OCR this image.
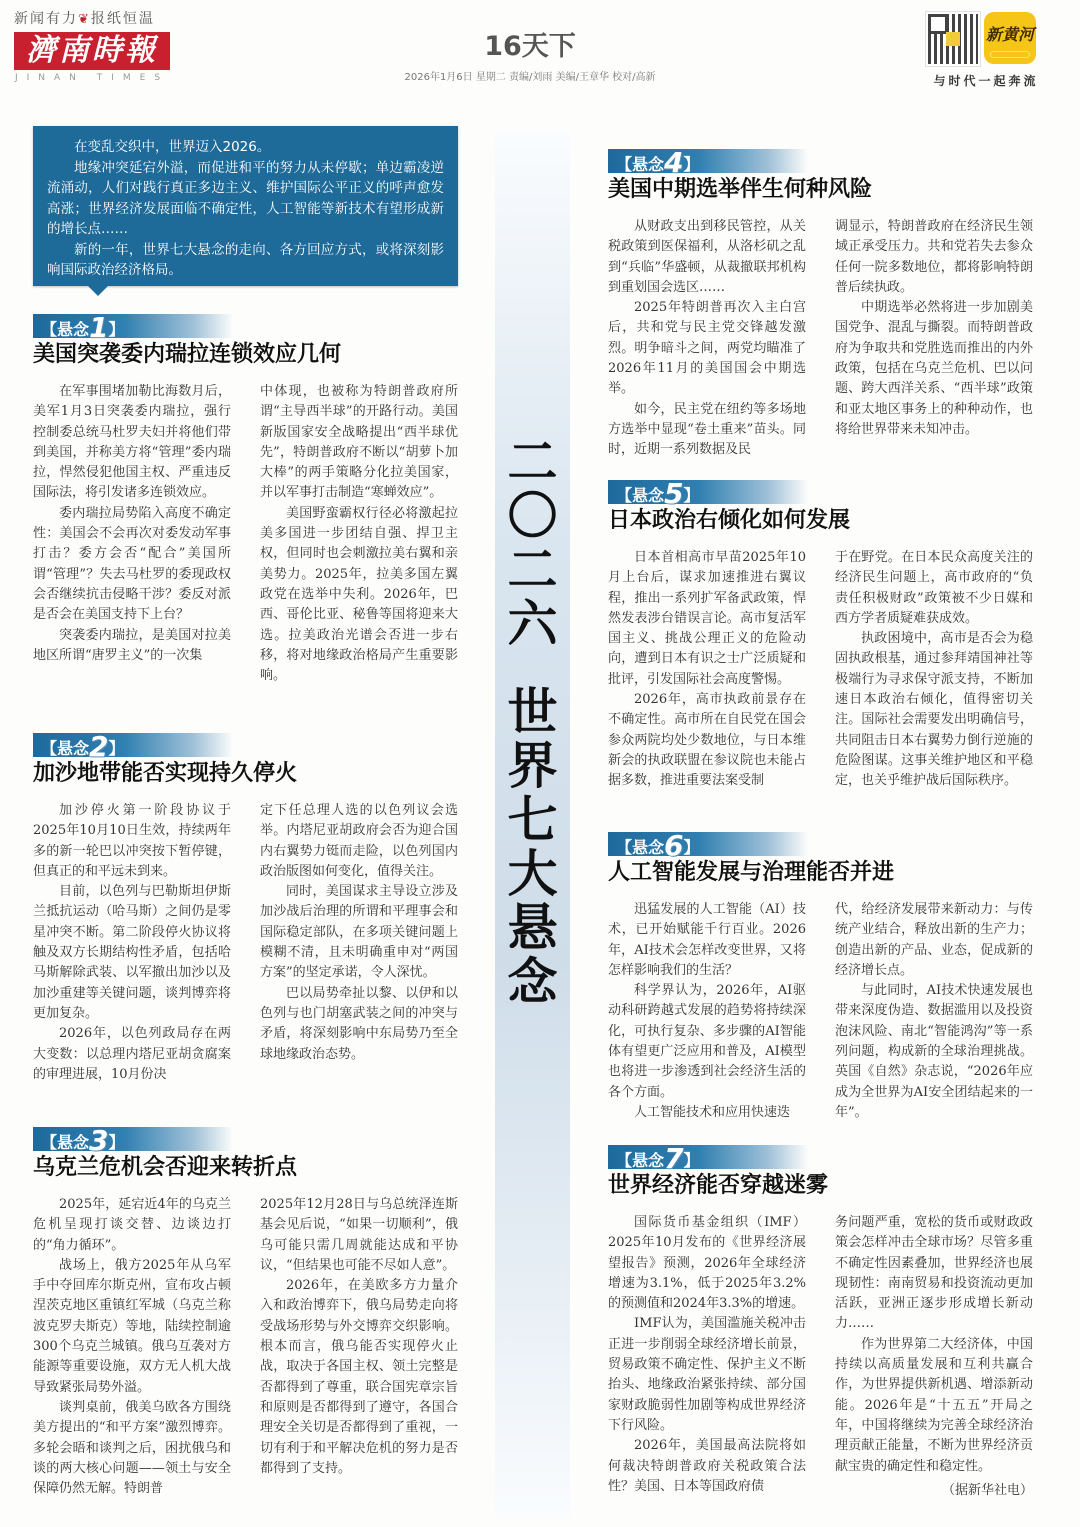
新闻有力❦报纸恒温
濟南時報
JINAN TIMES
16天下
2026年1月6日 星期二 责编/刘雨 美编/王章华 校对/高新
新黄河
与时代一起奔流

在变乱交织中，世界迈入2026。

地缘冲突延宕外溢，而促进和平的努力从未停歇；单边霸凌逆流涌动，人们对践行真正多边主义、维护国际公平正义的呼声愈发高涨；世界经济发展面临不确定性，人工智能等新技术有望形成新的增长点……

新的一年，世界七大悬念的走向、各方回应方式，或将深刻影响国际政治经济格局。

二
〇
二
六
世
界
七
大
悬
念
【悬念1】
美国突袭委内瑞拉连锁效应几何

在军事围堵加勒比海数月后，美军1月3日突袭委内瑞拉，强行控制委总统马杜罗夫妇并将他们带到美国，并称美方将“管理”委内瑞拉，悍然侵犯他国主权、严重违反国际法，将引发诸多连锁效应。

委内瑞拉局势陷入高度不确定性：美国会不会再次对委发动军事打击？委方会否“配合”美国所谓“管理”？失去马杜罗的委现政权会否继续抗击侵略干涉？委反对派是否会在美国支持下上台？

突袭委内瑞拉，是美国对拉美地区所谓“唐罗主义”的一次集

中体现，也被称为特朗普政府所谓“主导西半球”的开路行动。美国新版国家安全战略提出“西半球优先”，特朗普政府不断以“胡萝卜加大棒”的两手策略分化拉美国家，并以军事打击制造“寒蝉效应”。

美国野蛮霸权行径必将激起拉美多国进一步团结自强、捍卫主权，但同时也会刺激拉美右翼和亲美势力。2025年，拉美多国左翼政党在选举中失利。2026年，巴西、哥伦比亚、秘鲁等国将迎来大选。拉美政治光谱会否进一步右移，将对地缘政治格局产生重要影响。

【悬念2】
加沙地带能否实现持久停火

加沙停火第一阶段协议于2025年10月10日生效，持续两年多的新一轮巴以冲突按下暂停键，但真正的和平远未到来。

目前，以色列与巴勒斯坦伊斯兰抵抗运动（哈马斯）之间仍是零星冲突不断。第二阶段停火协议将触及双方长期结构性矛盾，包括哈马斯解除武装、以军撤出加沙以及加沙重建等关键问题，谈判博弈将更加复杂。

2026年，以色列政局存在两大变数：以总理内塔尼亚胡贪腐案的审理进展，10月份决

定下任总理人选的以色列议会选举。内塔尼亚胡政府会否为迎合国内右翼势力铤而走险，以色列国内政治版图如何变化，值得关注。

同时，美国谋求主导设立涉及加沙战后治理的所谓和平理事会和国际稳定部队，在多项关键问题上模糊不清，且未明确重申对“两国方案”的坚定承诺，令人深忧。

巴以局势牵扯以黎、以伊和以色列与也门胡塞武装之间的冲突与矛盾，将深刻影响中东局势乃至全球地缘政治态势。

【悬念3】
乌克兰危机会否迎来转折点

2025年，延宕近4年的乌克兰危机呈现打谈交替、边谈边打的“角力循环”。

战场上，俄方2025年从乌军手中夺回库尔斯克州，宣布攻占顿涅茨克地区重镇红军城（乌克兰称波克罗夫斯克）等地，陆续控制逾300个乌克兰城镇。俄乌互袭对方能源等重要设施，双方无人机大战导致紧张局势外溢。

谈判桌前，俄美乌欧各方围绕美方提出的“和平方案”激烈博弈。多轮会晤和谈判之后，困扰俄乌和谈的两大核心问题——领土与安全保障仍然无解。特朗普

2025年12月28日与乌总统泽连斯基会见后说，“如果一切顺利”，俄乌可能只需几周就能达成和平协议，“但结果也可能不尽如人意”。

2026年，在美欧多方力量介入和政治博弈下，俄乌局势走向将受战场形势与外交博弈交织影响。根本而言，俄乌能否实现停火止战，取决于各国主权、领土完整是否都得到了尊重，联合国宪章宗旨和原则是否都得到了遵守，各国合理安全关切是否都得到了重视，一切有利于和平解决危机的努力是否都得到了支持。

【悬念4】
美国中期选举伴生何种风险

从财政支出到移民管控，从关税政策到医保福利，从洛杉矶之乱到“兵临”华盛顿，从裁撤联邦机构到重划国会选区……

2025年特朗普再次入主白宫后，共和党与民主党交锋越发激烈。明争暗斗之间，两党均瞄准了2026年11月的美国国会中期选举。

如今，民主党在纽约等多场地方选举中显现“卷土重来”苗头。同时，近期一系列数据及民

调显示，特朗普政府在经济民生领域正承受压力。共和党若失去参众任何一院多数地位，都将影响特朗普后续执政。

中期选举必然将进一步加剧美国党争、混乱与撕裂。而特朗普政府为争取共和党胜选而推出的内外政策，包括在乌克兰危机、巴以问题、跨大西洋关系、“西半球”政策和亚太地区事务上的种种动作，也将给世界带来未知冲击。

【悬念5】
日本政治右倾化如何发展

日本首相高市早苗2025年10月上台后，谋求加速推进右翼议程，推出一系列扩军备武政策，悍然发表涉台错误言论。高市复活军国主义、挑战公理正义的危险动向，遭到日本有识之士广泛质疑和批评，引发国际社会高度警惕。

2026年，高市执政前景存在不确定性。高市所在自民党在国会参众两院均处少数地位，与日本维新会的执政联盟在参议院也未能占据多数，推进重要法案受制

于在野党。在日本民众高度关注的经济民生问题上，高市政府的“负责任积极财政”政策被不少日媒和西方学者质疑难获成效。

执政困境中，高市是否会为稳固执政根基，通过参拜靖国神社等极端行为寻求保守派支持，不断加速日本政治右倾化，值得密切关注。国际社会需要发出明确信号，共同阻击日本右翼势力倒行逆施的危险图谋。这事关维护地区和平稳定，也关乎维护战后国际秩序。

【悬念6】
人工智能发展与治理能否并进

迅猛发展的人工智能（AI）技术，已开始赋能千行百业。2026年，AI技术会怎样改变世界，又将怎样影响我们的生活？

科学界认为，2026年，AI驱动科研跨越式发展的趋势将持续深化，可执行复杂、多步骤的AI智能体有望更广泛应用和普及，AI模型也将进一步渗透到社会经济生活的各个方面。

人工智能技术和应用快速迭

代，给经济发展带来新动力：与传统产业结合，释放出新的生产力；创造出新的产品、业态，促成新的经济增长点。

与此同时，AI技术快速发展也带来深度伪造、数据滥用以及投资泡沫风险、南北“智能鸿沟”等一系列问题，构成新的全球治理挑战。英国《自然》杂志说，“2026年应成为全世界为AI安全团结起来的一年”。

【悬念7】
世界经济能否穿越迷雾

国际货币基金组织（IMF）2025年10月发布的《世界经济展望报告》预测，2026年全球经济增速为3.1%，低于2025年3.2%的预测值和2024年3.3%的增速。

IMF认为，美国滥施关税冲击正进一步削弱全球经济增长前景，贸易政策不确定性、保护主义不断抬头、地缘政治紧张持续、部分国家财政脆弱性加剧等构成世界经济下行风险。

2026年，美国最高法院将如何裁决特朗普政府关税政策合法性？美国、日本等国政府债

务问题严重，宽松的货币或财政政策会怎样冲击全球市场？尽管多重不确定性因素叠加，世界经济也展现韧性：南南贸易和投资流动更加活跃，亚洲正逐步形成增长新动力……

作为世界第二大经济体，中国持续以高质量发展和互利共赢合作，为世界提供新机遇、增添新动能。2026年是“十五五”开局之年，中国将继续为完善全球经济治理贡献正能量，不断为世界经济贡献宝贵的确定性和稳定性。

（据新华社电）
